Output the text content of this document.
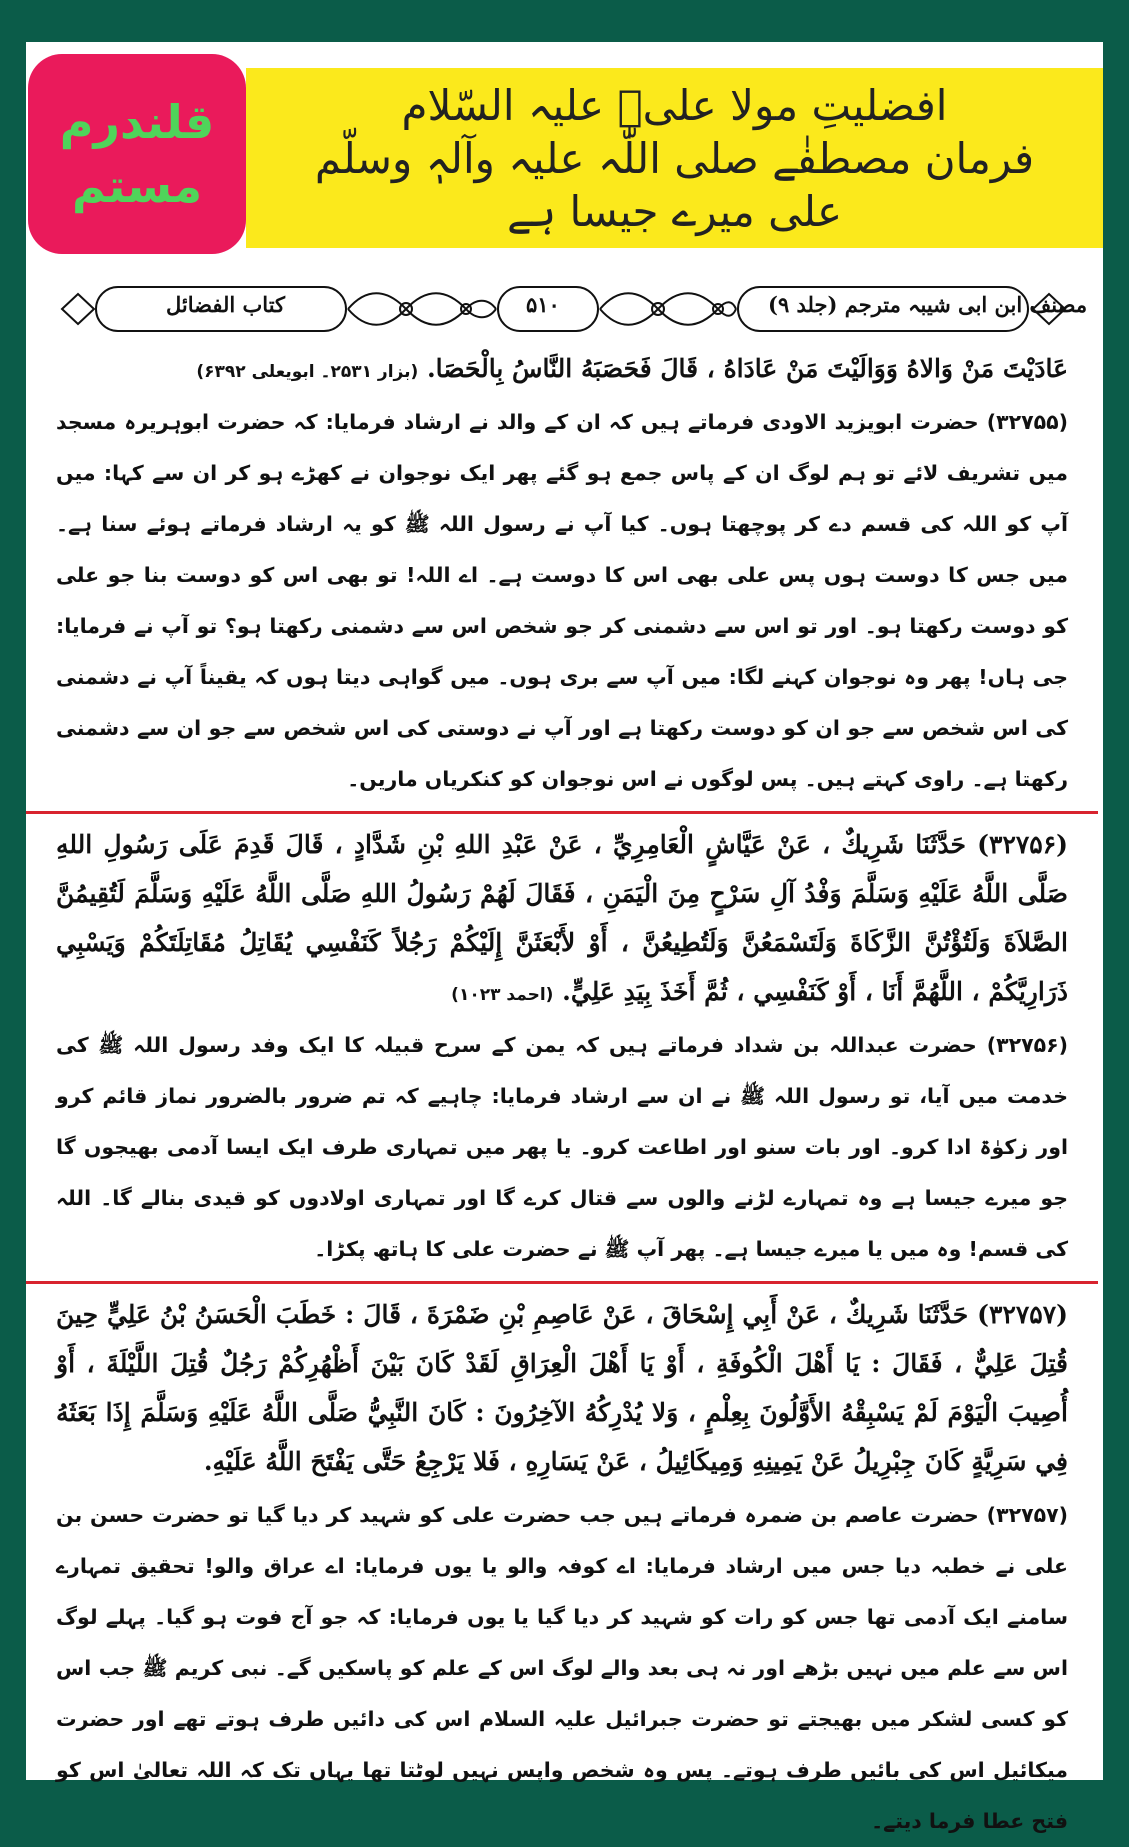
قلندرم
مستم
افضلیتِ مولا علیؑ علیہ السّلام
فرمان مصطفٰے صلی اللّٰہ علیہ وآلہٖ وسلّم
علی میرے جیسا ہے
کتاب الفضائل	۵۱۰	مصنف ابن ابی شیبہ مترجم (جلد ۹)

عَادَيْتَ مَنْ وَالاهُ وَوَالَيْتَ مَنْ عَادَاهُ ، قَالَ فَحَصَبَهُ النَّاسُ بِالْحَصَا. (بزار ۲۵۳۱۔ ابویعلی ۶۳۹۲)

(۳۲۷۵۵) حضرت ابویزید الاودی فرماتے ہیں کہ ان کے والد نے ارشاد فرمایا: کہ حضرت ابوہریرہ مسجد میں تشریف لائے تو ہم لوگ ان کے پاس جمع ہو گئے پھر ایک نوجوان نے کھڑے ہو کر ان سے کہا: میں آپ کو اللہ کی قسم دے کر پوچھتا ہوں۔ کیا آپ نے رسول اللہ ﷺ کو یہ ارشاد فرماتے ہوئے سنا ہے۔ میں جس کا دوست ہوں پس علی بھی اس کا دوست ہے۔ اے اللہ! تو بھی اس کو دوست بنا جو علی کو دوست رکھتا ہو۔ اور تو اس سے دشمنی کر جو شخص اس سے دشمنی رکھتا ہو؟ تو آپ نے فرمایا: جی ہاں! پھر وہ نوجوان کہنے لگا: میں آپ سے بری ہوں۔ میں گواہی دیتا ہوں کہ یقیناً آپ نے دشمنی کی اس شخص سے جو ان کو دوست رکھتا ہے اور آپ نے دوستی کی اس شخص سے جو ان سے دشمنی رکھتا ہے۔ راوی کہتے ہیں۔ پس لوگوں نے اس نوجوان کو کنکریاں ماریں۔

(۳۲۷۵۶) حَدَّثَنَا شَرِيكٌ ، عَنْ عَيَّاشٍ الْعَامِرِيِّ ، عَنْ عَبْدِ اللهِ بْنِ شَدَّادٍ ، قَالَ قَدِمَ عَلَى رَسُولِ اللهِ صَلَّى اللَّهُ عَلَيْهِ وَسَلَّمَ وَفْدُ آلِ سَرْحٍ مِنَ الْيَمَنِ ، فَقَالَ لَهُمْ رَسُولُ اللهِ صَلَّى اللَّهُ عَلَيْهِ وَسَلَّمَ لَتُقِيمُنَّ الصَّلاَةَ وَلَتُؤْتُنَّ الزَّكَاةَ وَلَتَسْمَعُنَّ وَلَتُطِيعُنَّ ، أَوْ لأَبْعَثَنَّ إِلَيْكُمْ رَجُلاً كَنَفْسِي يُقَاتِلُ مُقَاتِلَتَكُمْ وَيَسْبِي ذَرَارِيَّكُمْ ، اللَّهُمَّ أَنَا ، أَوْ كَنَفْسِي ، ثُمَّ أَخَذَ بِيَدِ عَلِيٍّ. (احمد ۱۰۲۳)

(۳۲۷۵۶) حضرت عبداللہ بن شداد فرماتے ہیں کہ یمن کے سرح قبیلہ کا ایک وفد رسول اللہ ﷺ کی خدمت میں آیا، تو رسول اللہ ﷺ نے ان سے ارشاد فرمایا: چاہیے کہ تم ضرور بالضرور نماز قائم کرو اور زکوٰۃ ادا کرو۔ اور بات سنو اور اطاعت کرو۔ یا پھر میں تمہاری طرف ایک ایسا آدمی بھیجوں گا جو میرے جیسا ہے وہ تمہارے لڑنے والوں سے قتال کرے گا اور تمہاری اولادوں کو قیدی بنالے گا۔ اللہ کی قسم! وہ میں یا میرے جیسا ہے۔ پھر آپ ﷺ نے حضرت علی کا ہاتھ پکڑا۔

(۳۲۷۵۷) حَدَّثَنَا شَرِيكٌ ، عَنْ أَبِي إِسْحَاقَ ، عَنْ عَاصِمِ بْنِ ضَمْرَةَ ، قَالَ : خَطَبَ الْحَسَنُ بْنُ عَلِيٍّ حِينَ قُتِلَ عَلِيٌّ ، فَقَالَ : يَا أَهْلَ الْكُوفَةِ ، أَوْ يَا أَهْلَ الْعِرَاقِ لَقَدْ كَانَ بَيْنَ أَظْهُرِكُمْ رَجُلٌ قُتِلَ اللَّيْلَةَ ، أَوْ أُصِيبَ الْيَوْمَ لَمْ يَسْبِقْهُ الأَوَّلُونَ بِعِلْمٍ ، وَلا يُدْرِكُهُ الآخِرُونَ : كَانَ النَّبِيُّ صَلَّى اللَّهُ عَلَيْهِ وَسَلَّمَ إِذَا بَعَثَهُ فِي سَرِيَّةٍ كَانَ جِبْرِيلُ عَنْ يَمِينِهِ وَمِيكَائِيلُ ، عَنْ يَسَارِهِ ، فَلا يَرْجِعُ حَتَّى يَفْتَحَ اللَّهُ عَلَيْهِ.

(۳۲۷۵۷) حضرت عاصم بن ضمرہ فرماتے ہیں جب حضرت علی کو شہید کر دیا گیا تو حضرت حسن بن علی نے خطبہ دیا جس میں ارشاد فرمایا: اے کوفہ والو یا یوں فرمایا: اے عراق والو! تحقیق تمہارے سامنے ایک آدمی تھا جس کو رات کو شہید کر دیا گیا یا یوں فرمایا: کہ جو آج فوت ہو گیا۔ پہلے لوگ اس سے علم میں نہیں بڑھے اور نہ ہی بعد والے لوگ اس کے علم کو پاسکیں گے۔ نبی کریم ﷺ جب اس کو کسی لشکر میں بھیجتے تو حضرت جبرائیل علیہ السلام اس کی دائیں طرف ہوتے تھے اور حضرت میکائیل اس کی بائیں طرف ہوتے۔ پس وہ شخص واپس نہیں لوٹتا تھا یہاں تک کہ اللہ تعالیٰ اس کو فتح عطا فرما دیتے۔
